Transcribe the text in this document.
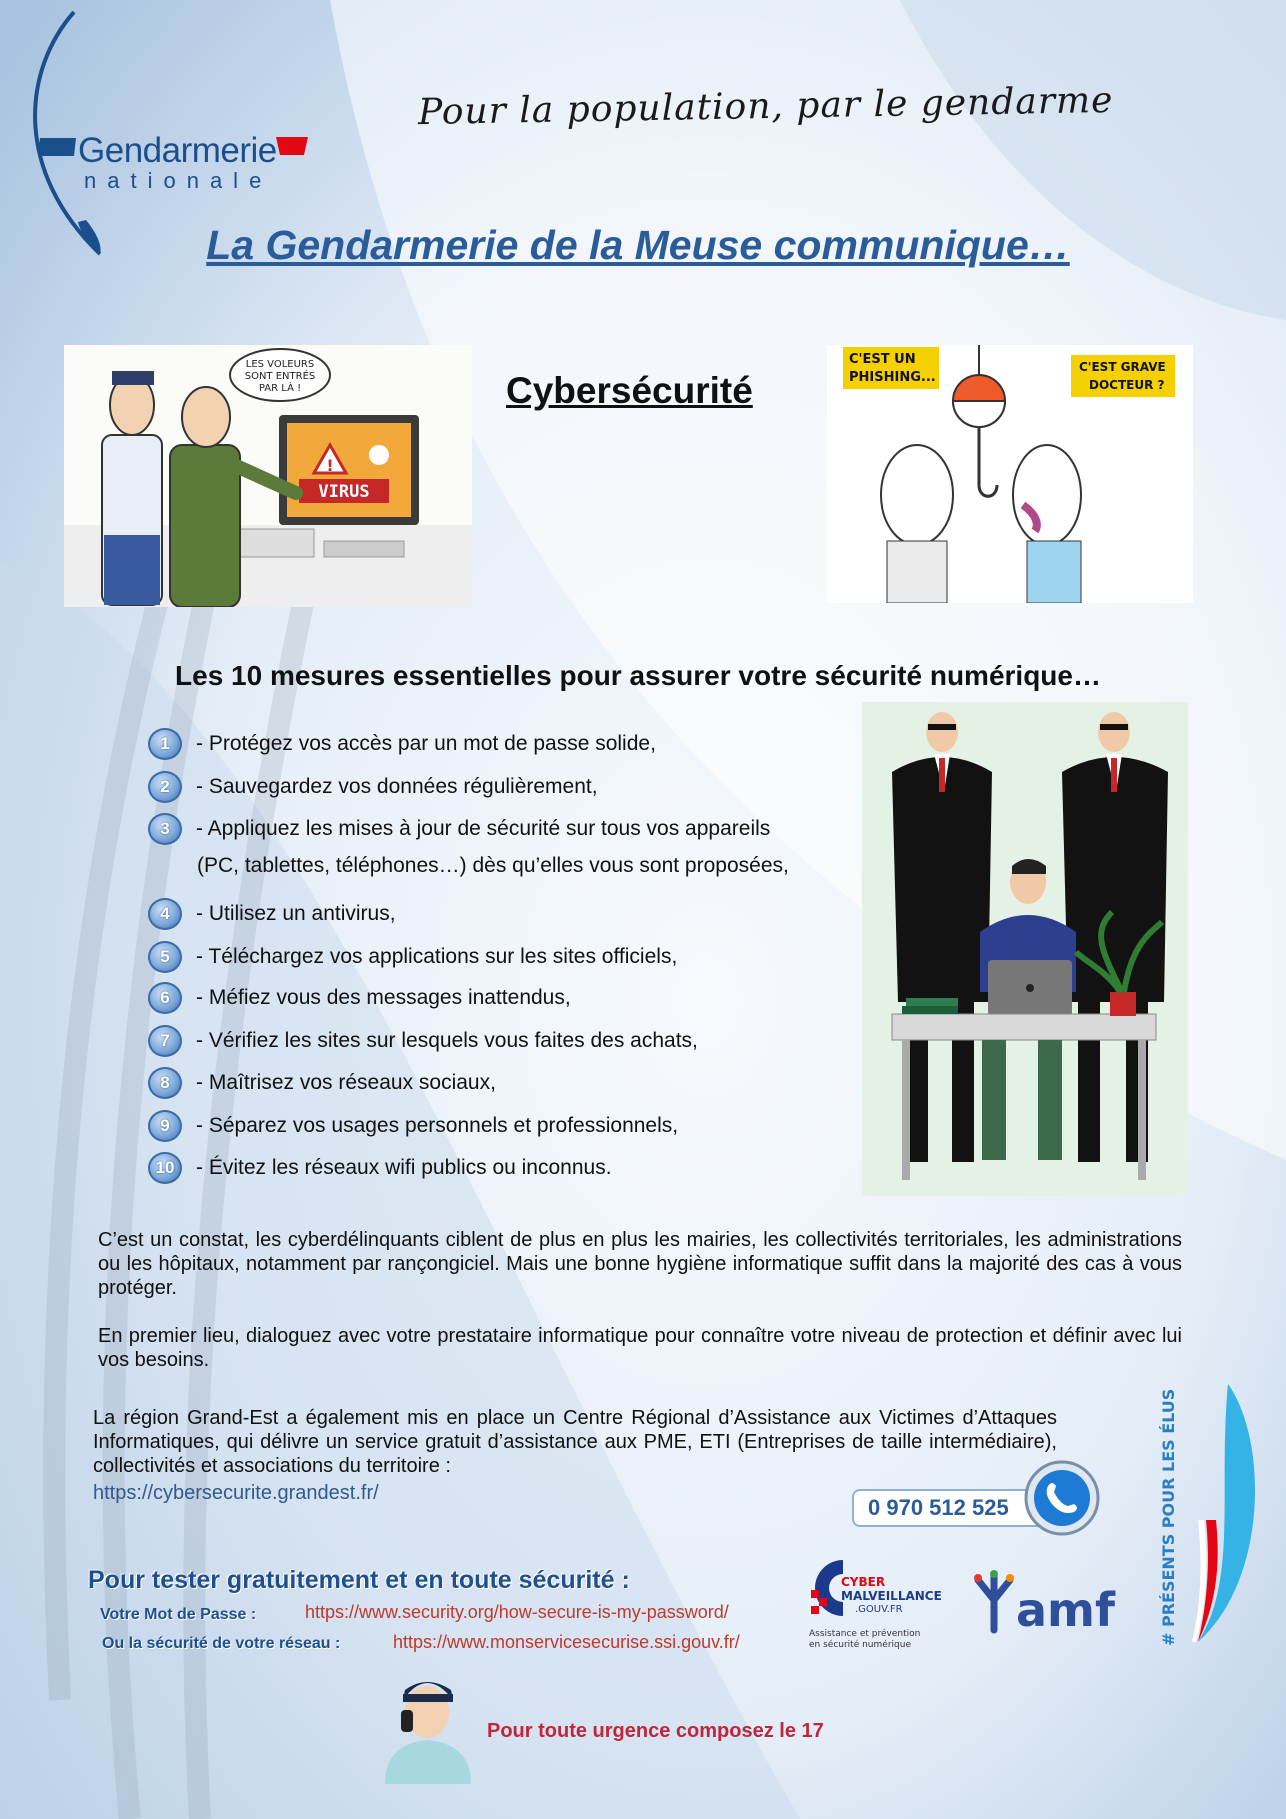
Gendarmerie
nationale
Pour la population, par le gendarme
La Gendarmerie de la Meuse communique…
!
VIRUS
LES VOLEURS
SONT ENTRÉS
PAR LÀ !	Cybersécurité
C'EST UN
PHISHING...
C'EST GRAVE
DOCTEUR ?
Les 10 mesures essentielles pour assurer votre sécurité numérique…
1	- Protégez vos accès par un mot de passe solide,
2	- Sauvegardez vos données régulièrement,
3	- Appliquez les mises à jour de sécurité sur tous vos appareils
(PC, tablettes, téléphones…) dès qu’elles vous sont proposées,
4	- Utilisez un antivirus,
5	- Téléchargez vos applications sur les sites officiels,
6	- Méfiez vous des messages inattendus,
7	- Vérifiez les sites sur lesquels vous faites des achats,
8	- Maîtrisez vos réseaux sociaux,
9	- Séparez vos usages personnels et professionnels,
10	- Évitez les réseaux wifi publics ou inconnus.
C’est un constat, les cyberdélinquants ciblent de plus en plus les mairies, les collectivités territoriales, les administrations ou les hôpitaux, notamment par rançongiciel. Mais une bonne hygiène informatique suffit dans la majorité des cas à vous protéger.
En premier lieu, dialoguez avec votre prestataire informatique pour connaître votre niveau de protection et définir avec lui vos besoins.
La région Grand-Est a également mis en place un Centre Régional d’Assistance aux Victimes d’Attaques Informatiques, qui délivre un service gratuit d’assistance aux PME, ETI (Entreprises de taille intermédiaire), collectivités et associations du territoire :
https://cybersecurite.grandest.fr/
0 970 512 525
Pour tester gratuitement et en toute sécurité :
Votre Mot de Passe :	https://www.security.org/how-secure-is-my-password/
Ou la sécurité de votre réseau :	https://www.monservicesecurise.ssi.gouv.fr/
CYBER
MALVEILLANCE
.GOUV.FR
Assistance et prévention
en sécurité numérique
amf	# PRÉSENTS POUR LES ÉLUS
Pour toute urgence composez le 17
